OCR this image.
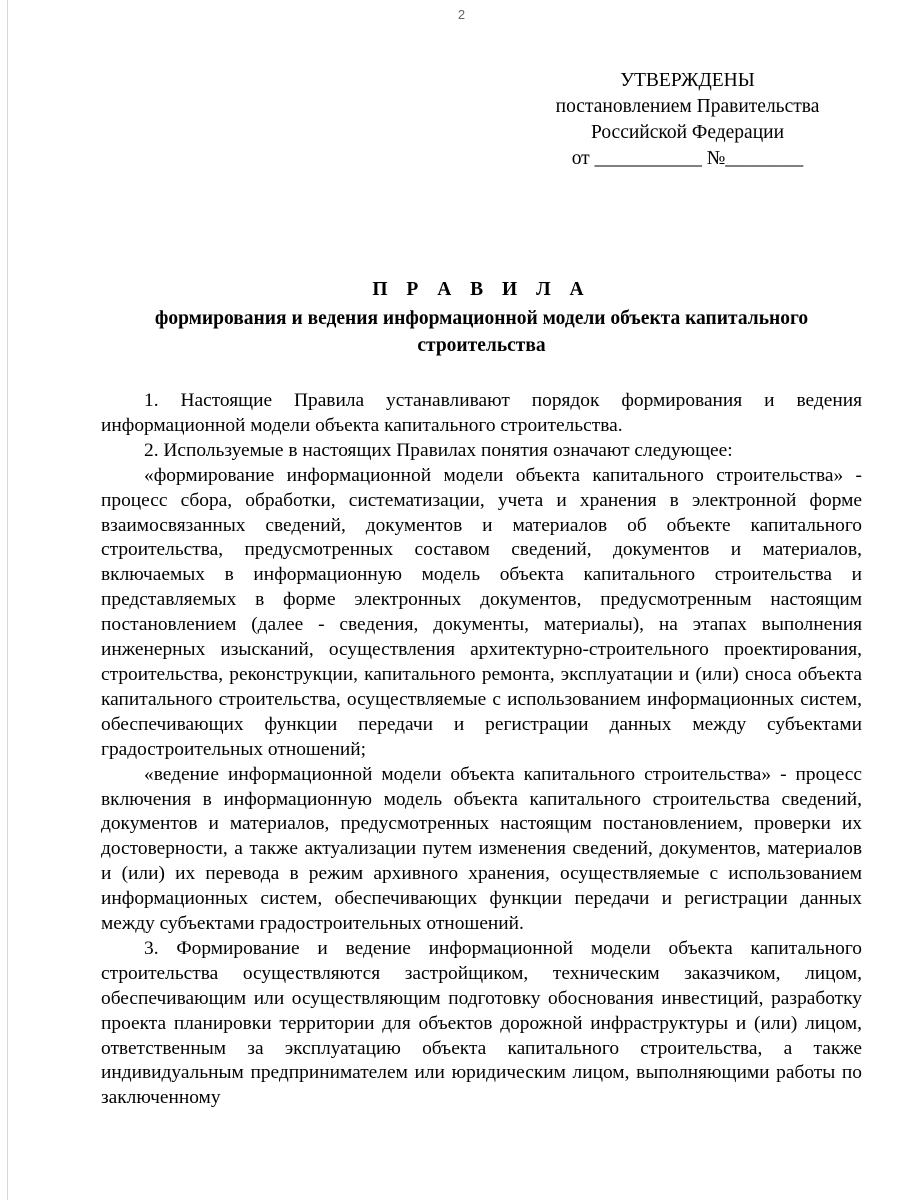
2
УТВЕРЖДЕНЫ
постановлением Правительства
Российской Федерации
от ___________ №________
П Р А В И Л А
формирования и ведения информационной модели объекта капитального строительства

1. Настоящие Правила устанавливают порядок формирования и ведения информационной модели объекта капитального строительства.

2. Используемые в настоящих Правилах понятия означают следующее:

«формирование информационной модели объекта капитального строительства» - процесс сбора, обработки, систематизации, учета и хранения в электронной форме взаимосвязанных сведений, документов и материалов об объекте капитального строительства, предусмотренных составом сведений, документов и материалов, включаемых в информационную модель объекта капитального строительства и представляемых в форме электронных документов, предусмотренным настоящим постановлением (далее - сведения, документы, материалы), на этапах выполнения инженерных изысканий, осуществления архитектурно-строительного проектирования, строительства, реконструкции, капитального ремонта, эксплуатации и (или) сноса объекта капитального строительства, осуществляемые с использованием информационных систем, обеспечивающих функции передачи и регистрации данных между субъектами градостроительных отношений;

«ведение информационной модели объекта капитального строительства» - процесс включения в информационную модель объекта капитального строительства сведений, документов и материалов, предусмотренных настоящим постановлением, проверки их достоверности, а также актуализации путем изменения сведений, документов, материалов и (или) их перевода в режим архивного хранения, осуществляемые с использованием информационных систем, обеспечивающих функции передачи и регистрации данных между субъектами градостроительных отношений.

3. Формирование и ведение информационной модели объекта капитального строительства осуществляются застройщиком, техническим заказчиком, лицом, обеспечивающим или осуществляющим подготовку обоснования инвестиций, разработку проекта планировки территории для объектов дорожной инфраструктуры и (или) лицом, ответственным за эксплуатацию объекта капитального строительства, а также индивидуальным предпринимателем или юридическим лицом, выполняющими работы по заключенному
